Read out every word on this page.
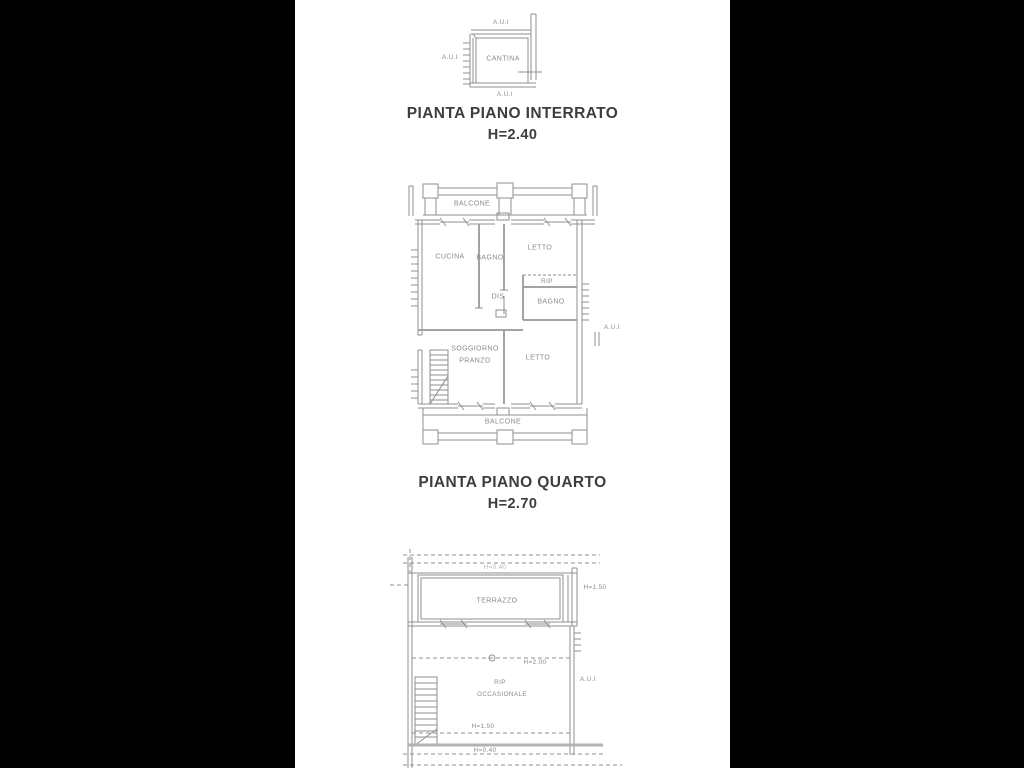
A.U.I
A.U.I
A.U.I
CANTINA
PIANTA PIANO INTERRATO
H=2.40
BALCONE
CUCINA BAGNO
LETTO
RIP
BAGNO
DIS
SOGGIORNO
PRANZO	LETTO
BALCONE
A.U.I
PIANTA PIANO QUARTO
H=2.70
H=0.40
TERRAZZO
H=1.50
H=2.00
A.U.I
RIP
OCCASIONALE
H=1.50
H=0.40
